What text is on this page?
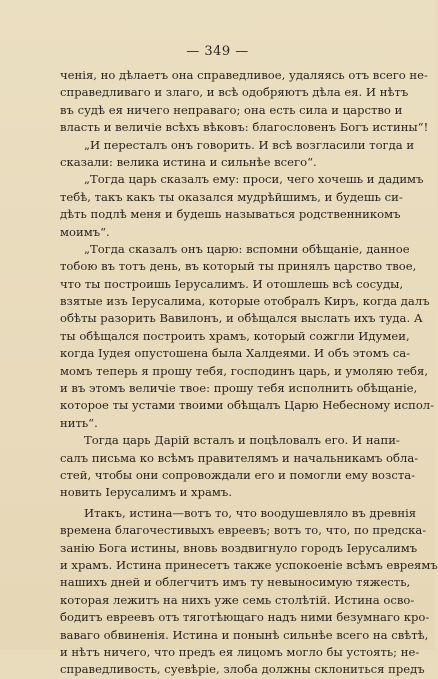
— 349 —
ченія, но дѣлаетъ она справедливое, удаляясь отъ всего не-
справедливаго и злаго, и всѣ одобряютъ дѣла ея. И нѣтъ
въ судѣ ея ничего неправаго; она есть сила и царство и
власть и величіе всѣхъ вѣковъ: благословенъ Богъ истины“!
„И пересталъ онъ говорить. И всѣ возгласили тогда и
сказали: велика истина и сильнѣе всего“.
„Тогда царь сказалъ ему: проси, чего хочешь и дадимъ
тебѣ, такъ какъ ты оказался мудрѣйшимъ, и будешь си-
дѣть подлѣ меня и будешь называться родственникомъ
моимъ“.
„Тогда сказалъ онъ царю: вспомни обѣщаніе, данное
тобою въ тотъ день, въ который ты принялъ царство твое,
что ты построишь Іерусалимъ. И отошлешь всѣ сосуды,
взятые изъ Іерусалима, которые отобралъ Киръ, когда далъ
обѣты разорить Вавилонъ, и обѣщался выслать ихъ туда. А
ты обѣщался построить храмъ, который сожгли Идумеи,
когда Іудея опустошена была Халдеями. И объ этомъ са-
момъ теперь я прошу тебя, господинъ царь, и умоляю тебя,
и въ этомъ величіе твое: прошу тебя исполнить обѣщаніе,
которое ты устами твоими обѣщалъ Царю Небесному испол-
нить“.
Тогда царь Дарій всталъ и поцѣловалъ его. И напи-
салъ письма ко всѣмъ правителямъ и начальникамъ обла-
стей, чтобы они сопровождали его и помогли ему возста-
новить Іерусалимъ и храмъ.
Итакъ, истина—вотъ то, что воодушевляло въ древнія
времена благочестивыхъ евреевъ; вотъ то, что, по предска-
занію Бога истины, вновь воздвигнуло городъ Іерусалимъ
и храмъ. Истина принесетъ также успокоеніе всѣмъ евреямъ
нашихъ дней и облегчитъ имъ ту невыносимую тяжесть,
которая лежитъ на нихъ уже семь столѣтій. Истина осво-
бодитъ евреевъ отъ тяготѣющаго надъ ними безумнаго кро-
ваваго обвиненія. Истина и понынѣ сильнѣе всего на свѣтѣ,
и нѣтъ ничего, что предъ ея лицомъ могло бы устоять; не-
справедливость, суевѣріе, злоба должны склониться предъ
